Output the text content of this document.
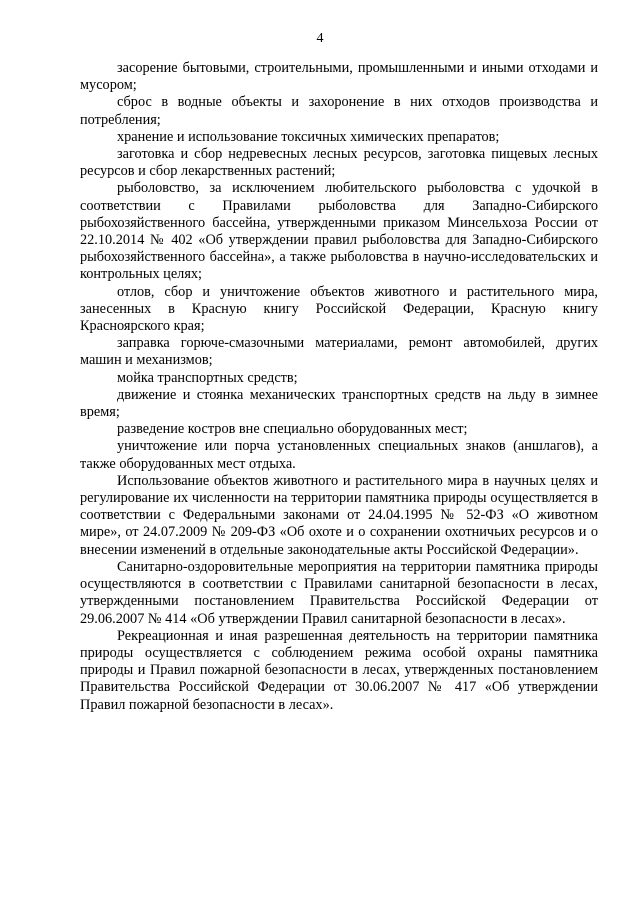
4

засорение бытовыми, строительными, промышленными и иными отходами и мусором;

сброс в водные объекты и захоронение в них отходов производства и потребления;

хранение и использование токсичных химических препаратов;

заготовка и сбор недревесных лесных ресурсов, заготовка пищевых лесных ресурсов и сбор лекарственных растений;

рыболовство, за исключением любительского рыболовства с удочкой в соответствии с Правилами рыболовства для Западно-Сибирского рыбохозяйственного бассейна, утвержденными приказом Минсельхоза России от 22.10.2014 № 402 «Об утверждении правил рыболовства для Западно-Сибирского рыбохозяйственного бассейна», а также рыболовства в научно-исследовательских и контрольных целях;

отлов, сбор и уничтожение объектов животного и растительного мира, занесенных в Красную книгу Российской Федерации, Красную книгу Красноярского края;

заправка горюче-смазочными материалами, ремонт автомобилей, других машин и механизмов;

мойка транспортных средств;

движение и стоянка механических транспортных средств на льду в зимнее время;

разведение костров вне специально оборудованных мест;

уничтожение или порча установленных специальных знаков (аншлагов), а также оборудованных мест отдыха.

Использование объектов животного и растительного мира в научных целях и регулирование их численности на территории памятника природы осуществляется в соответствии с Федеральными законами от 24.04.1995 № 52-ФЗ «О животном мире», от 24.07.2009 № 209-ФЗ «Об охоте и о сохранении охотничьих ресурсов и о внесении изменений в отдельные законодательные акты Российской Федерации».

Санитарно-оздоровительные мероприятия на территории памятника природы осуществляются в соответствии с Правилами санитарной безопасности в лесах, утвержденными постановлением Правительства Российской Федерации от 29.06.2007 № 414 «Об утверждении Правил санитарной безопасности в лесах».

Рекреационная и иная разрешенная деятельность на территории памятника природы осуществляется с соблюдением режима особой охраны памятника природы и Правил пожарной безопасности в лесах, утвержденных постановлением Правительства Российской Федерации от 30.06.2007 № 417 «Об утверждении Правил пожарной безопасности в лесах».
